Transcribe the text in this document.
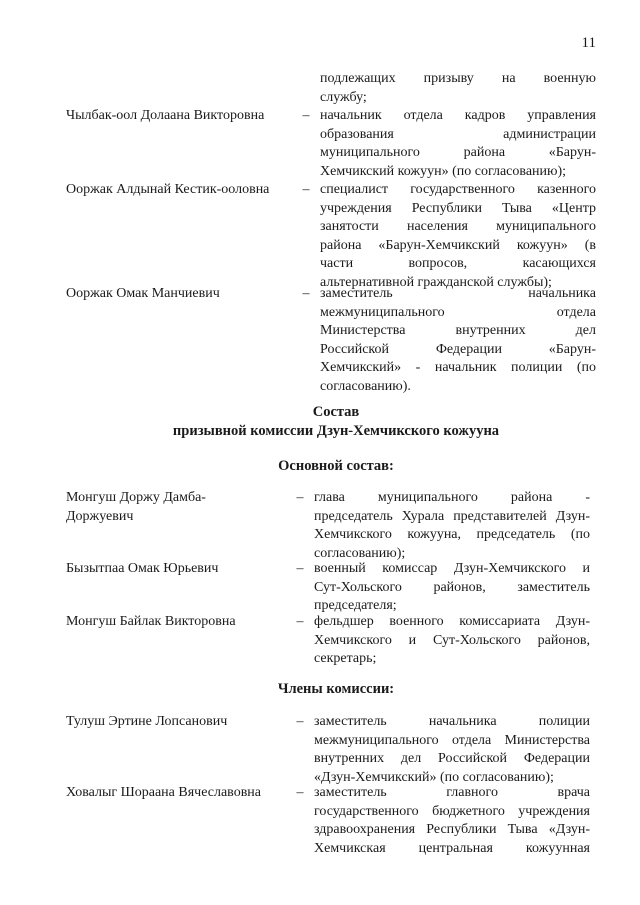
11
подлежащих призыву на военную
службу;
Чылбак-оол Долаана Викторовна	– начальник отдела кадров управления
образования администрации
муниципального района «Барун-
Хемчикский кожуун» (по согласованию);
Ооржак Алдынай Кестик-ооловна – специалист государственного казенного
учреждения Республики Тыва «Центр
занятости населения муниципального
района «Барун-Хемчикский кожуун» (в
части вопросов, касающихся
альтернативной гражданской службы);
Ооржак Омак Манчиевич	– заместитель начальника
межмуниципального отдела
Министерства внутренних дел
Российской Федерации «Барун-
Хемчикский» - начальник полиции (по
согласованию).
Состав
призывной комиссии Дзун-Хемчикского кожууна
Основной состав:
Монгуш Доржу Дамба-
Доржуевич
– глава муниципального района -
председатель Хурала представителей Дзун-
Хемчикского кожууна, председатель (по
согласованию);
Бызытпаа Омак Юрьевич	– военный комиссар Дзун-Хемчикского и
Сут-Хольского районов, заместитель
председателя;
Монгуш Байлак Викторовна	– фельдшер военного комиссариата Дзун-
Хемчикского и Сут-Хольского районов,
секретарь;
Члены комиссии:
Тулуш Эртине Лопсанович	– заместитель начальника полиции
межмуниципального отдела Министерства
внутренних дел Российской Федерации
«Дзун-Хемчикский» (по согласованию);
Ховалыг Шораана Вячеславовна	– заместитель главного врача
государственного бюджетного учреждения
здравоохранения Республики Тыва «Дзун-
Хемчикская центральная кожуунная
